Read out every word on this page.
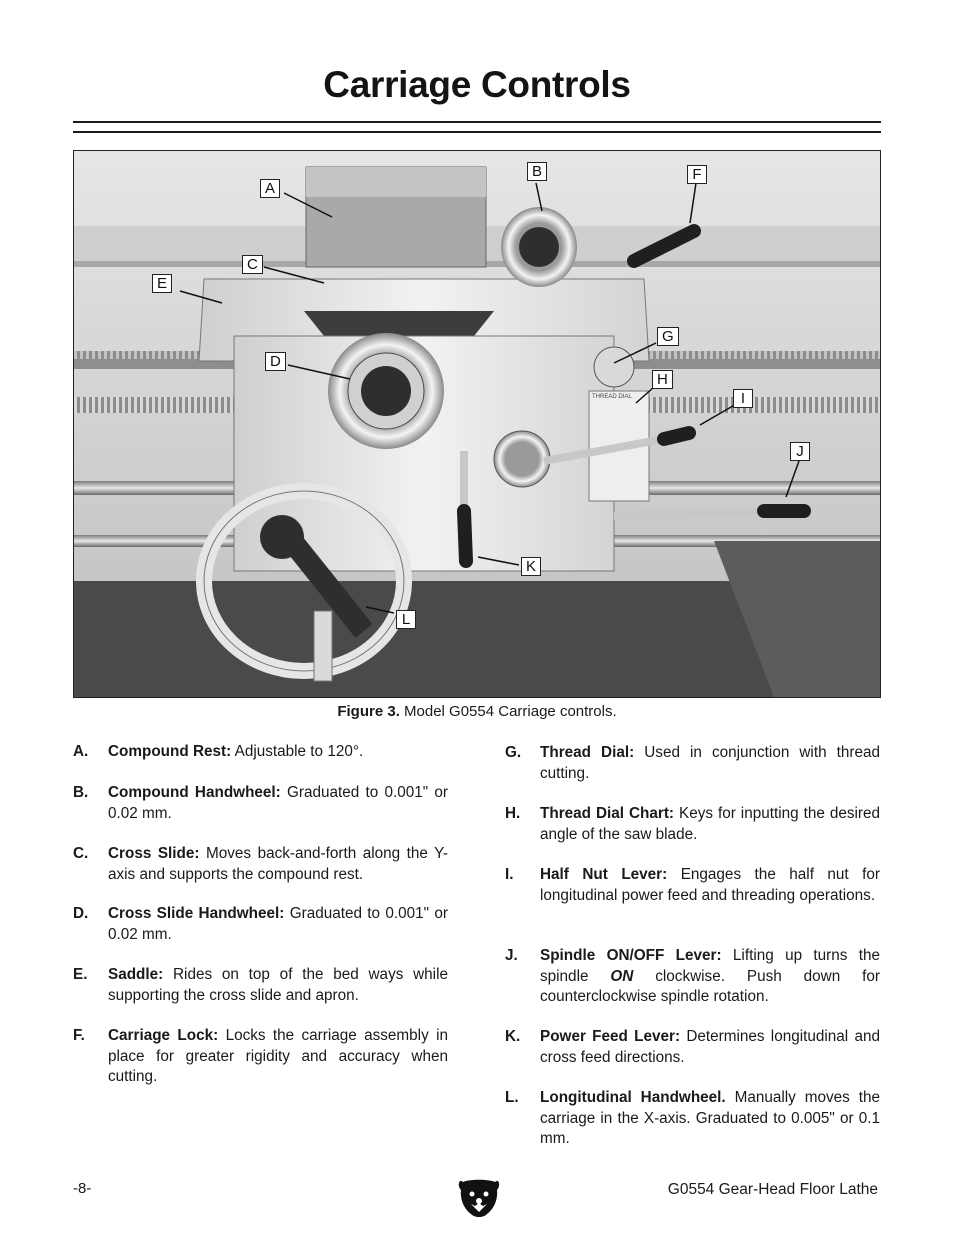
Carriage Controls
A
B
C
E
F
D
G
H
I
J
K
L
THREAD DIAL
Figure 3. Model G0554 Carriage controls.
A. Compound Rest: Adjustable to 120°.
B. Compound Handwheel: Graduated to 0.001" or 0.02 mm.
C. Cross Slide: Moves back-and-forth along the Y-axis and supports the compound rest.
D. Cross Slide Handwheel: Graduated to 0.001" or 0.02 mm.
E. Saddle: Rides on top of the bed ways while supporting the cross slide and apron.
F. Carriage Lock: Locks the carriage assembly in place for greater rigidity and accuracy when cutting.
G. Thread Dial: Used in conjunction with thread cutting.
H. Thread Dial Chart: Keys for inputting the desired angle of the saw blade.
I. Half Nut Lever: Engages the half nut for longitudinal power feed and threading operations.
J. Spindle ON/OFF Lever: Lifting up turns the spindle ON clockwise. Push down for counterclockwise spindle rotation.
K. Power Feed Lever: Determines longitudinal and cross feed directions.
L. Longitudinal Handwheel. Manually moves the carriage in the X-axis. Graduated to 0.005" or 0.1 mm.
-8-	G0554 Gear-Head Floor Lathe
